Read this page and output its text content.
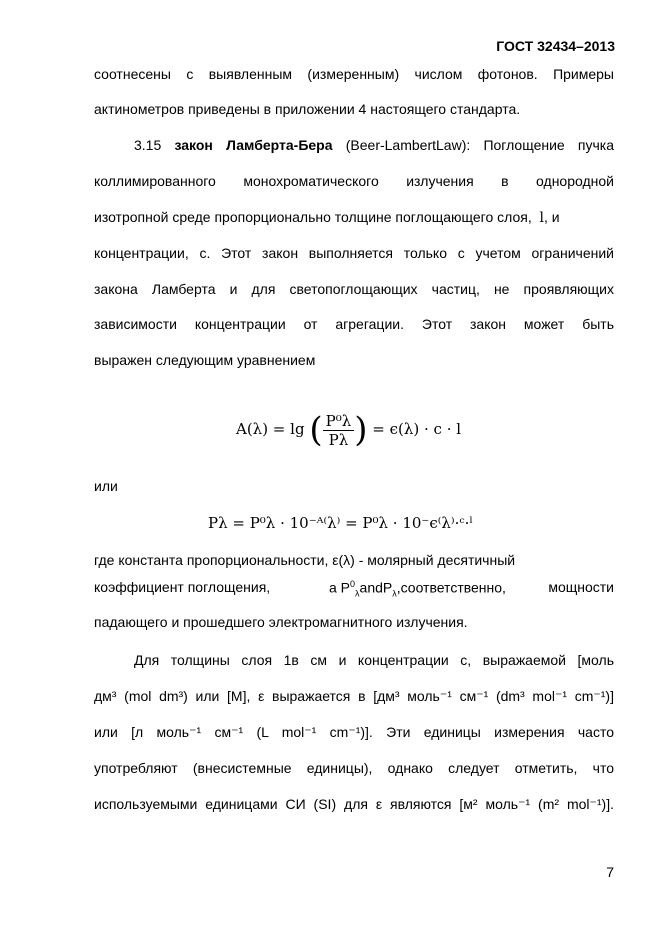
ГОСТ 32434–2013
соотнесены с выявленным (измеренным) числом фотонов. Примеры
актинометров приведены в приложении 4 настоящего стандарта.
3.15 закон Ламберта-Бера (Beer-LambertLaw): Поглощение пучка
коллимированного монохроматического излучения в однородной
изотропной среде пропорционально толщине поглощающего слоя, l, и
концентрации, с. Этот закон выполняется только с учетом ограничений
закона Ламберта и для светопоглощающих частиц, не проявляющих
зависимости концентрации от агрегации. Этот закон может быть
выражен следующим уравнением
A(λ) = lg ( $\frac{\text{P⁰λ}}{P\lambda}$ ) = ϵ(λ) · c · l
или
Pλ = P⁰λ · 10⁻ᴬ⁽λ⁾ = P⁰λ · 10⁻ϵ⁽λ⁾·ᶜ·ˡ
где константа пропорциональности, ε(λ) - молярный десятичный
коэффициент поглощения,	а $P^0_\lambda andP_\lambda,соответственно$,	мощности
падающего и прошедшего электромагнитного излучения.
Для толщины слоя 1в см и концентрации с, выражаемой [моль
дм³ (mol dm³) или [M], ε выражается в [дм³ моль⁻¹ см⁻¹ (dm³ mol⁻¹ cm⁻¹)]
или [л моль⁻¹ см⁻¹ (L mol⁻¹ cm⁻¹)]. Эти единицы измерения часто
употребляют (внесистемные единицы), однако следует отметить, что
используемыми единицами СИ (SI) для ε являются [м² моль⁻¹ (m² mol⁻¹)].
7
